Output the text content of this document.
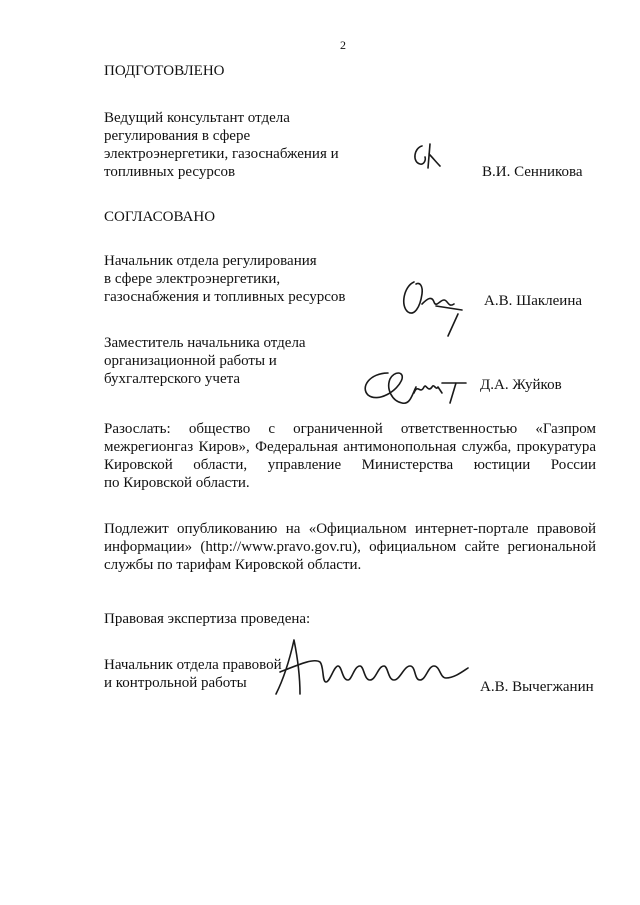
2
ПОДГОТОВЛЕНО
Ведущий консультант отдела
регулирования в сфере
электроэнергетики, газоснабжения и
топливных ресурсов	В.И. Сенникова
СОГЛАСОВАНО
Начальник отдела регулирования
в сфере электроэнергетики,
газоснабжения и топливных ресурсов	А.В. Шаклеина
Заместитель начальника отдела
организационной работы и
бухгалтерского учета	Д.А. Жуйков
Разослать: общество с ограниченной ответственностью «Газпром
межрегионгаз Киров», Федеральная антимонопольная служба, прокуратура
Кировской области, управление Министерства юстиции России
по Кировской области.
Подлежит опубликованию на «Официальном интернет-портале правовой
информации» (http://www.pravo.gov.ru), официальном сайте региональной
службы по тарифам Кировской области.
Правовая экспертиза проведена:
Начальник отдела правовой
и контрольной работы	А.В. Вычегжанин
